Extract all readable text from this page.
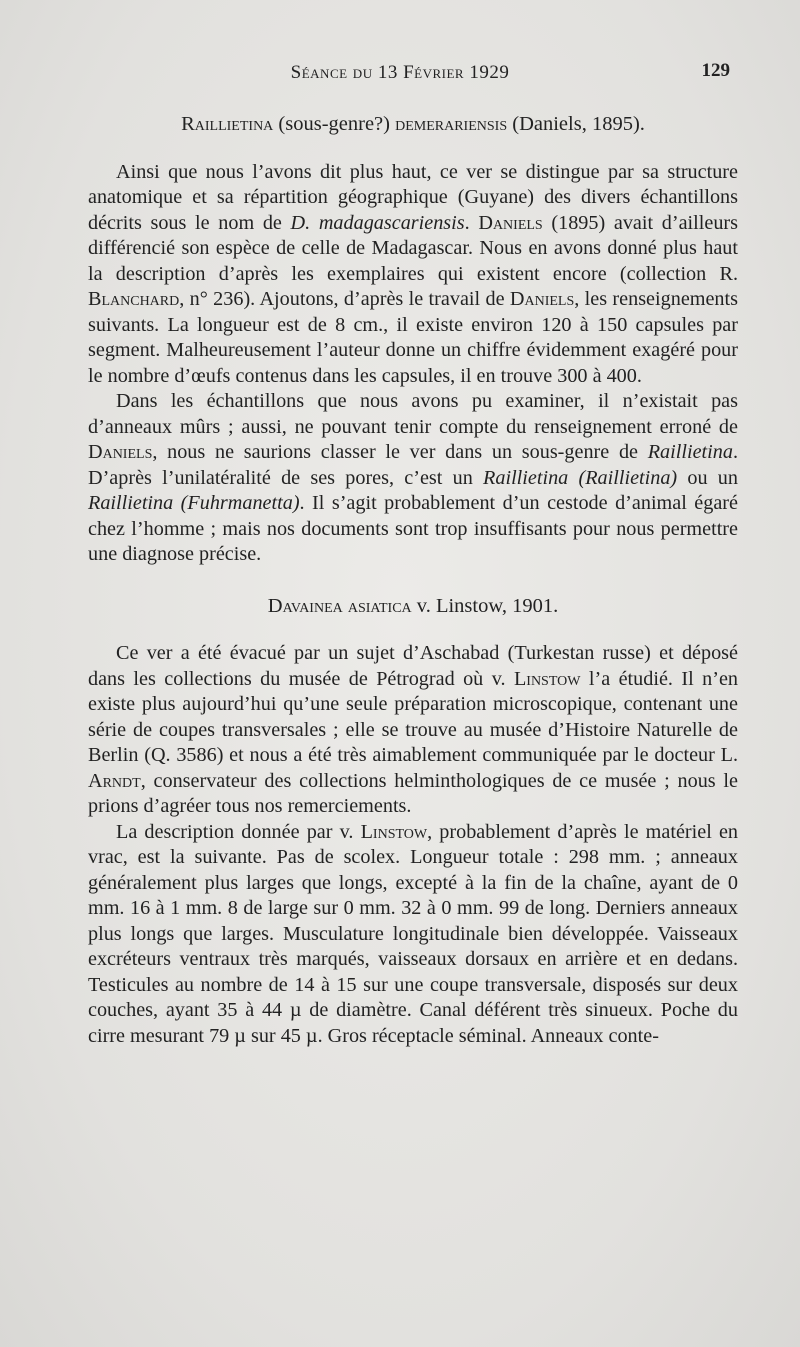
Séance du 13 Février 1929	129
Raillietina (sous-genre?) demerariensis (Daniels, 1895).

Ainsi que nous l’avons dit plus haut, ce ver se distingue par sa structure anatomique et sa répartition géographique (Guyane) des divers échantillons décrits sous le nom de D. madagascariensis. Daniels (1895) avait d’ailleurs différencié son espèce de celle de Madagascar. Nous en avons donné plus haut la description d’après les exemplaires qui existent encore (collection R. Blanchard, n° 236). Ajoutons, d’après le travail de Daniels, les renseignements suivants. La longueur est de 8 cm., il existe environ 120 à 150 capsules par segment. Malheureusement l’auteur donne un chiffre évidemment exagéré pour le nombre d’œufs contenus dans les capsules, il en trouve 300 à 400.

Dans les échantillons que nous avons pu examiner, il n’existait pas d’anneaux mûrs ; aussi, ne pouvant tenir compte du renseignement erroné de Daniels, nous ne saurions classer le ver dans un sous-genre de Raillietina. D’après l’unilatéralité de ses pores, c’est un Raillietina (Raillietina) ou un Raillietina (Fuhrmanetta). Il s’agit probablement d’un cestode d’animal égaré chez l’homme ; mais nos documents sont trop insuffisants pour nous permettre une diagnose précise.

Davainea asiatica v. Linstow, 1901.

Ce ver a été évacué par un sujet d’Aschabad (Turkestan russe) et déposé dans les collections du musée de Pétrograd où v. Linstow l’a étudié. Il n’en existe plus aujourd’hui qu’une seule préparation microscopique, contenant une série de coupes transversales ; elle se trouve au musée d’Histoire Naturelle de Berlin (Q. 3586) et nous a été très aimablement communiquée par le docteur L. Arndt, conservateur des collections helminthologiques de ce musée ; nous le prions d’agréer tous nos remerciements.

La description donnée par v. Linstow, probablement d’après le matériel en vrac, est la suivante. Pas de scolex. Longueur totale : 298 mm. ; anneaux généralement plus larges que longs, excepté à la fin de la chaîne, ayant de 0 mm. 16 à 1 mm. 8 de large sur 0 mm. 32 à 0 mm. 99 de long. Derniers anneaux plus longs que larges. Musculature longitudinale bien développée. Vaisseaux excréteurs ventraux très marqués, vaisseaux dorsaux en arrière et en dedans. Testicules au nombre de 14 à 15 sur une coupe transversale, disposés sur deux couches, ayant 35 à 44 µ de diamètre. Canal déférent très sinueux. Poche du cirre mesurant 79 µ sur 45 µ. Gros réceptacle séminal. Anneaux conte-
